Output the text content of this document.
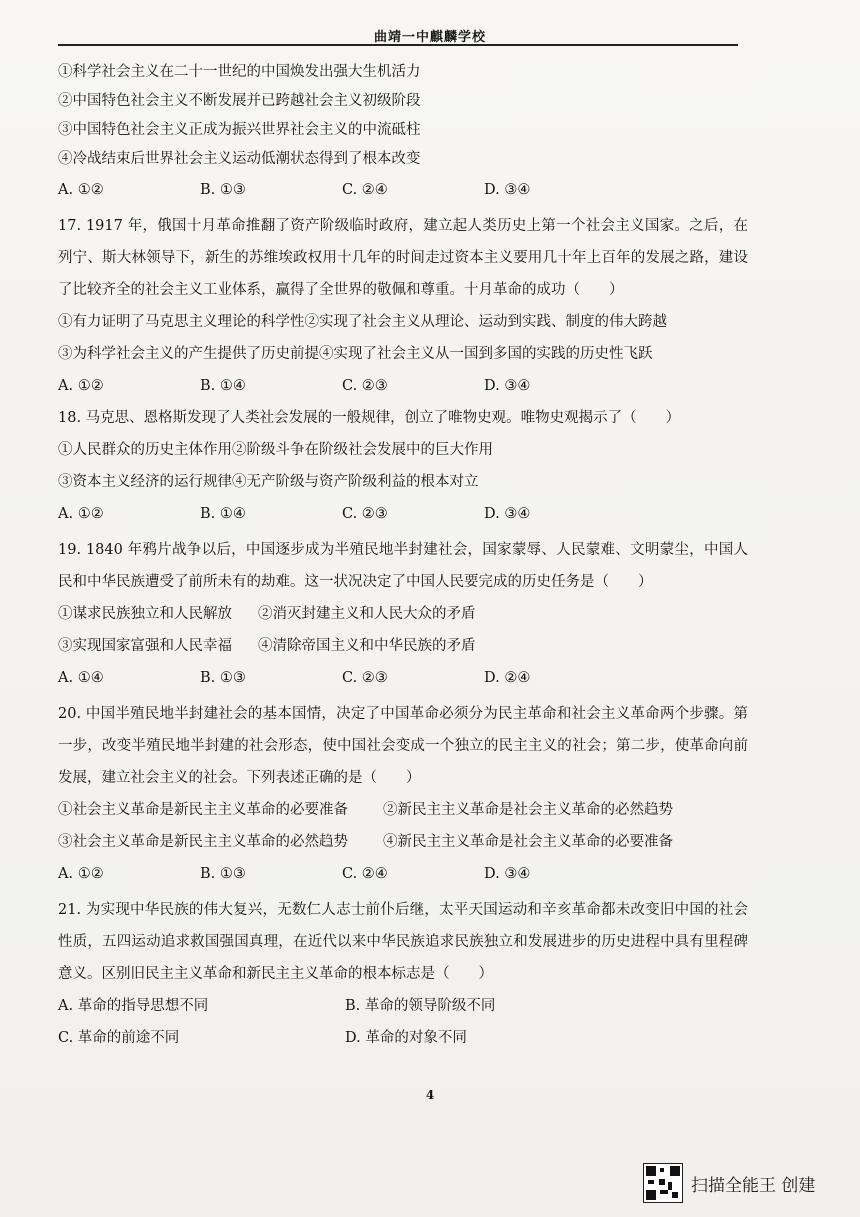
曲靖一中麒麟学校
①科学社会主义在二十一世纪的中国焕发出强大生机活力
②中国特色社会主义不断发展并已跨越社会主义初级阶段
③中国特色社会主义正成为振兴世界社会主义的中流砥柱
④冷战结束后世界社会主义运动低潮状态得到了根本改变
A. ①②	B. ①③	C. ②④	D. ③④
17. 1917 年，俄国十月革命推翻了资产阶级临时政府，建立起人类历史上第一个社会主义国家。之后，在列宁、斯大林领导下，新生的苏维埃政权用十几年的时间走过资本主义要用几十年上百年的发展之路，建设了比较齐全的社会主义工业体系，赢得了全世界的敬佩和尊重。十月革命的成功（　　）
①有力证明了马克思主义理论的科学性②实现了社会主义从理论、运动到实践、制度的伟大跨越
③为科学社会主义的产生提供了历史前提④实现了社会主义从一国到多国的实践的历史性飞跃
A. ①②	B. ①④	C. ②③	D. ③④
18. 马克思、恩格斯发现了人类社会发展的一般规律，创立了唯物史观。唯物史观揭示了（　　）
①人民群众的历史主体作用②阶级斗争在阶级社会发展中的巨大作用
③资本主义经济的运行规律④无产阶级与资产阶级利益的根本对立
A. ①②	B. ①④	C. ②③	D. ③④
19. 1840 年鸦片战争以后，中国逐步成为半殖民地半封建社会，国家蒙辱、人民蒙难、文明蒙尘，中国人民和中华民族遭受了前所未有的劫难。这一状况决定了中国人民要完成的历史任务是（　　）
①谋求民族独立和人民解放	②消灭封建主义和人民大众的矛盾
③实现国家富强和人民幸福	④清除帝国主义和中华民族的矛盾
A. ①④	B. ①③	C. ②③	D. ②④
20. 中国半殖民地半封建社会的基本国情，决定了中国革命必须分为民主革命和社会主义革命两个步骤。第一步，改变半殖民地半封建的社会形态，使中国社会变成一个独立的民主主义的社会；第二步，使革命向前发展，建立社会主义的社会。下列表述正确的是（　　）
①社会主义革命是新民主主义革命的必要准备	②新民主主义革命是社会主义革命的必然趋势
③社会主义革命是新民主主义革命的必然趋势	④新民主主义革命是社会主义革命的必要准备
A. ①②	B. ①③	C. ②④	D. ③④
21. 为实现中华民族的伟大复兴，无数仁人志士前仆后继，太平天国运动和辛亥革命都未改变旧中国的社会性质，五四运动追求救国强国真理，在近代以来中华民族追求民族独立和发展进步的历史进程中具有里程碑意义。区别旧民主主义革命和新民主主义革命的根本标志是（　　）
A. 革命的指导思想不同	B. 革命的领导阶级不同
C. 革命的前途不同	D. 革命的对象不同
4
扫描全能王 创建
